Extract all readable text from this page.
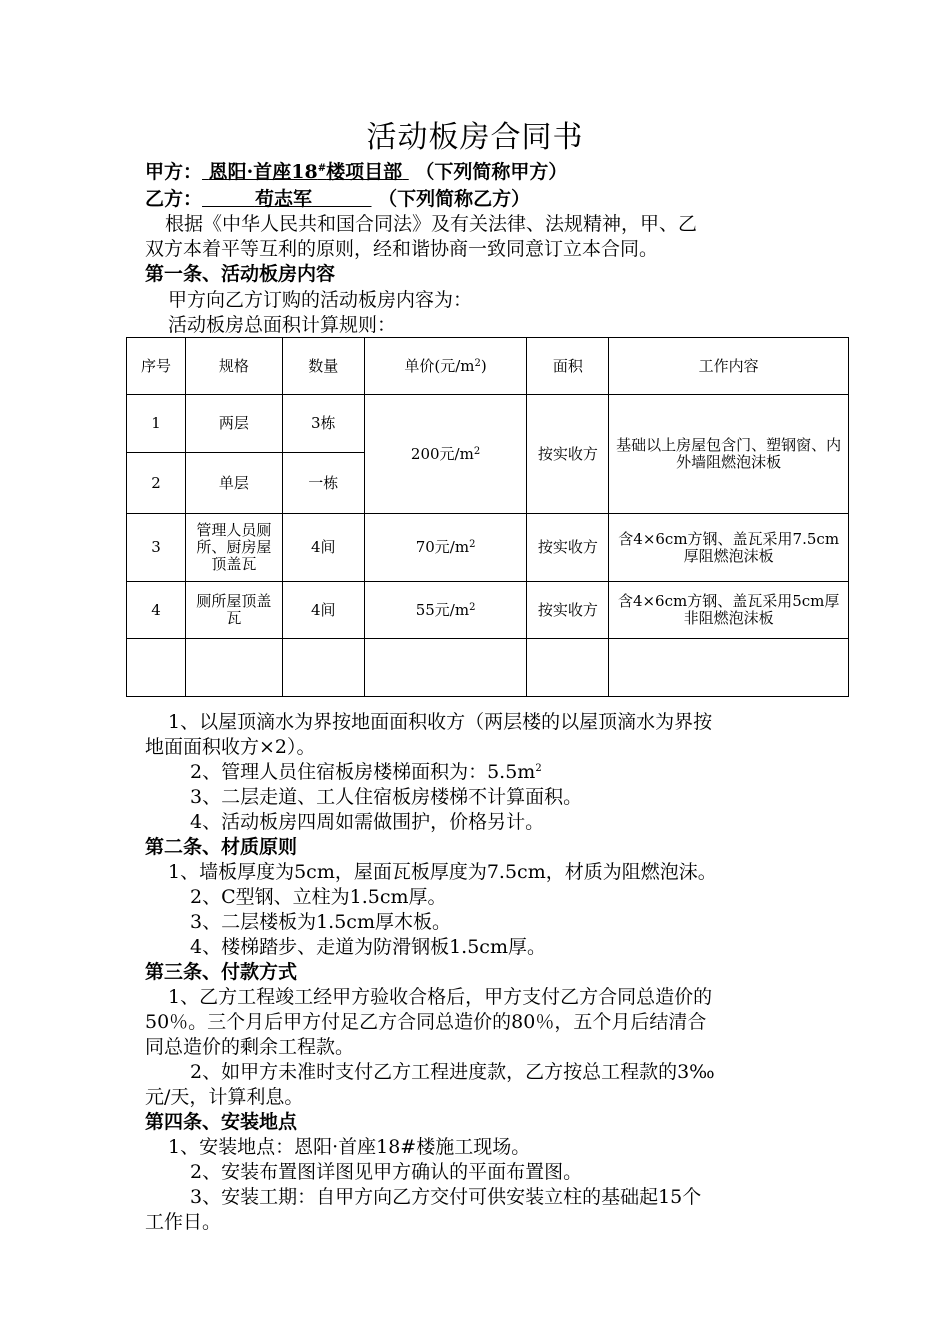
活动板房合同书
甲方： 恩阳·首座18#楼项目部 （下列简称甲方）
乙方：	苟志军	（下列简称乙方）
根据《中华人民共和国合同法》及有关法律、法规精神，甲、乙
双方本着平等互利的原则，经和谐协商一致同意订立本合同。
第一条、活动板房内容
甲方向乙方订购的活动板房内容为：
活动板房总面积计算规则：
序号	规格	数量	单价(元$/m^2$)	面积	工作内容
1	两层	3栋	200元$/m^2$	按实收方	基础以上房屋包含门、塑钢窗、内外墙阻燃泡沫板
2	单层	一栋			
3	管理人员厕所、厨房屋顶盖瓦	4间	70元$/m^2$	按实收方	含4×6cm方钢、盖瓦采用7.5cm厚阻燃泡沫板
4	厕所屋顶盖瓦	4间	55元$/m^2$	按实收方	含4×6cm方钢、盖瓦采用5cm厚非阻燃泡沫板

1、以屋顶滴水为界按地面面积收方（两层楼的以屋顶滴水为界按
地面面积收方×2）。
2、管理人员住宿板房楼梯面积为：$5.5m^2$
3、二层走道、工人住宿板房楼梯不计算面积。
4、活动板房四周如需做围护，价格另计。
第二条、材质原则
1、墙板厚度为5cm，屋面瓦板厚度为7.5cm，材质为阻燃泡沫。
2、C型钢、立柱为1.5cm厚。
3、二层楼板为1.5cm厚木板。
4、楼梯踏步、走道为防滑钢板1.5cm厚。
第三条、付款方式
1、乙方工程竣工经甲方验收合格后，甲方支付乙方合同总造价的
50％。三个月后甲方付足乙方合同总造价的80％，五个月后结清合
同总造价的剩余工程款。
2、如甲方未准时支付乙方工程进度款，乙方按总工程款的3‰
元/天，计算利息。
第四条、安装地点
1、安装地点：恩阳·首座18#楼施工现场。
2、安装布置图详图见甲方确认的平面布置图。
3、安装工期：自甲方向乙方交付可供安装立柱的基础起15个
工作日。
